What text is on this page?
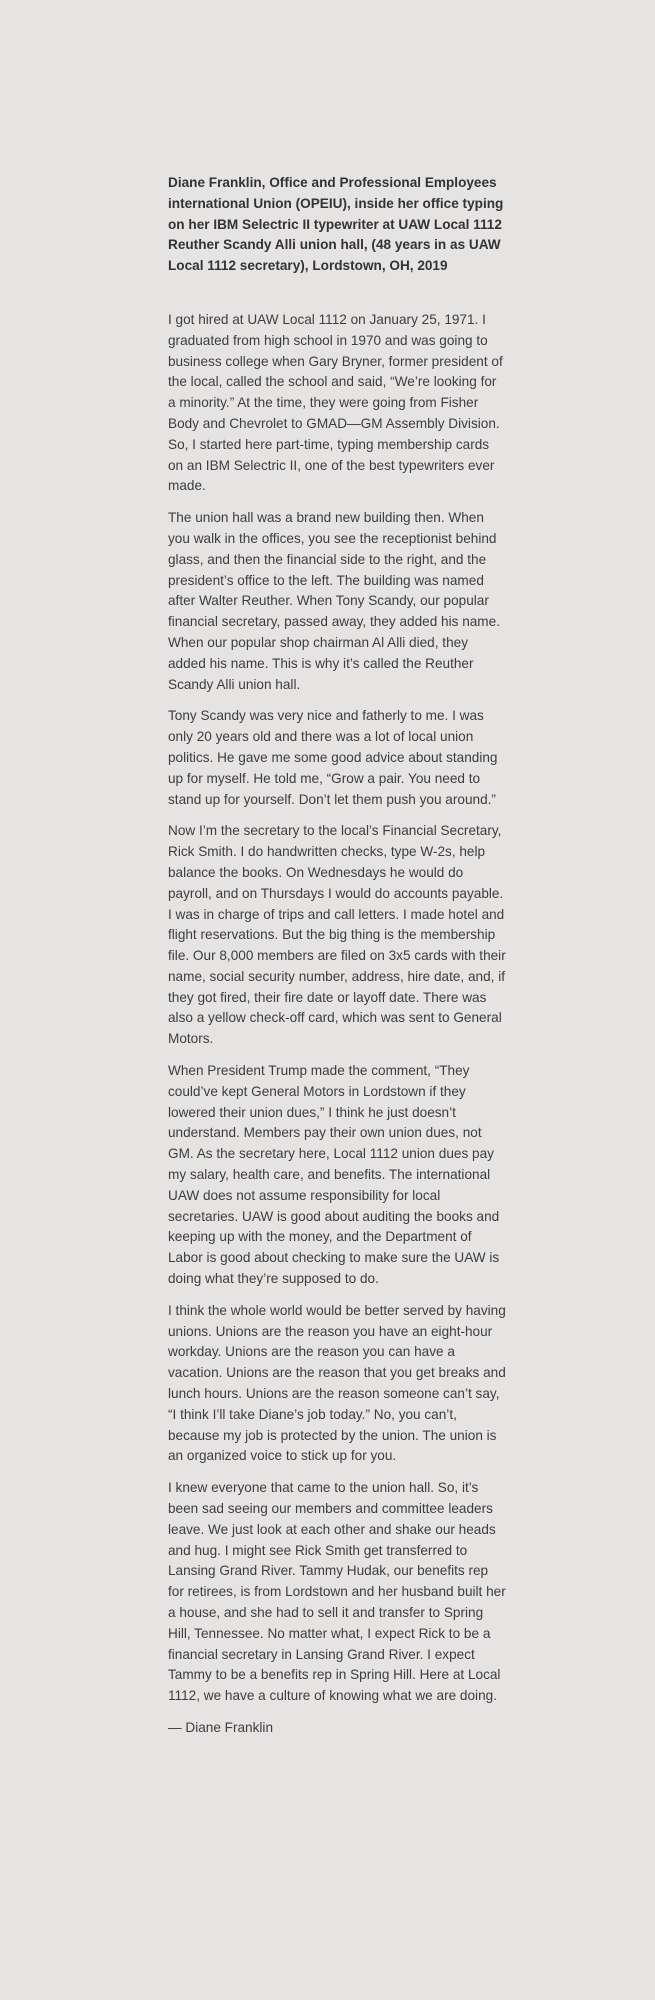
Diane Franklin, Office and Professional Employees international Union (OPEIU), inside her office typing on her IBM Selectric II typewriter at UAW Local 1112 Reuther Scandy Alli union hall, (48 years in as UAW Local 1112 secretary), Lordstown, OH, 2019

I got hired at UAW Local 1112 on January 25, 1971. I graduated from high school in 1970 and was going to business college when Gary Bryner, former president of the local, called the school and said, “We’re looking for a minority.” At the time, they were going from Fisher Body and Chevrolet to GMAD—GM Assembly Division. So, I started here part-time, typing membership cards on an IBM Selectric II, one of the best typewriters ever made.

The union hall was a brand new building then. When you walk in the offices, you see the receptionist behind glass, and then the financial side to the right, and the president’s office to the left. The building was named after Walter Reuther. When Tony Scandy, our popular financial secretary, passed away, they added his name. When our popular shop chairman Al Alli died, they added his name. This is why it’s called the Reuther Scandy Alli union hall.

Tony Scandy was very nice and fatherly to me. I was only 20 years old and there was a lot of local union politics. He gave me some good advice about standing up for myself. He told me, “Grow a pair. You need to stand up for yourself. Don’t let them push you around.”

Now I’m the secretary to the local’s Financial Secretary, Rick Smith. I do handwritten checks, type W-2s, help balance the books. On Wednesdays he would do payroll, and on Thursdays I would do accounts payable. I was in charge of trips and call letters. I made hotel and flight reservations. But the big thing is the membership file. Our 8,000 members are filed on 3x5 cards with their name, social security number, address, hire date, and, if they got fired, their fire date or layoff date. There was also a yellow check-off card, which was sent to General Motors.

When President Trump made the comment, “They could’ve kept General Motors in Lordstown if they lowered their union dues,” I think he just doesn’t understand. Members pay their own union dues, not GM. As the secretary here, Local 1112 union dues pay my salary, health care, and benefits. The international UAW does not assume responsibility for local secretaries. UAW is good about auditing the books and keeping up with the money, and the Department of Labor is good about checking to make sure the UAW is doing what they’re supposed to do.

I think the whole world would be better served by having unions. Unions are the reason you have an eight-hour workday. Unions are the reason you can have a vacation. Unions are the reason that you get breaks and lunch hours. Unions are the reason someone can’t say, “I think I’ll take Diane’s job today.” No, you can’t, because my job is protected by the union. The union is an organized voice to stick up for you.

I knew everyone that came to the union hall. So, it’s been sad seeing our members and committee leaders leave. We just look at each other and shake our heads and hug. I might see Rick Smith get transferred to Lansing Grand River. Tammy Hudak, our benefits rep for retirees, is from Lordstown and her husband built her a house, and she had to sell it and transfer to Spring Hill, Tennessee. No matter what, I expect Rick to be a financial secretary in Lansing Grand River. I expect Tammy to be a benefits rep in Spring Hill. Here at Local 1112, we have a culture of knowing what we are doing.

— Diane Franklin
